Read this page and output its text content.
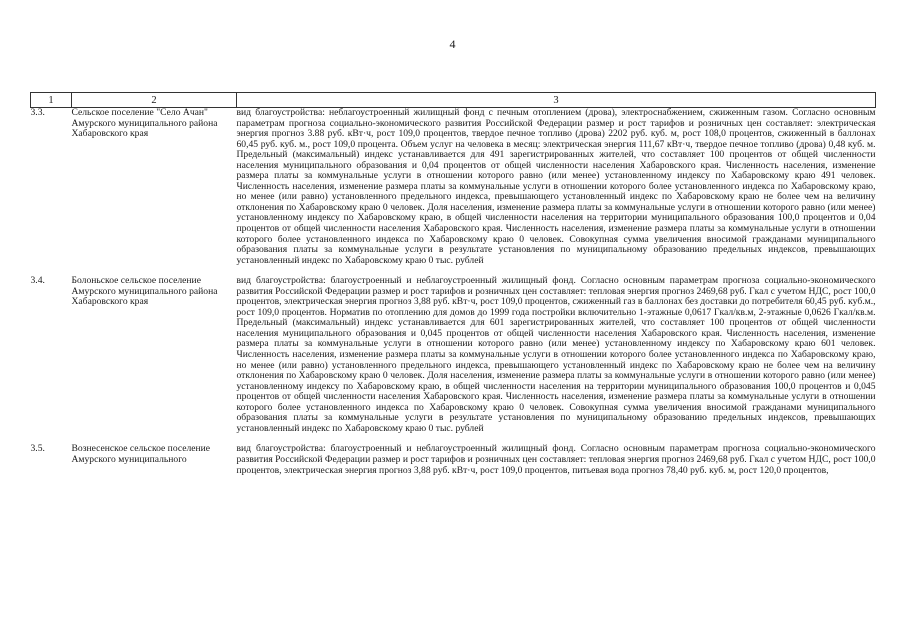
4
1	2	3
3.3.	Сельское поселение "Село Ачан" Амурского муниципального района Хабаровского края	вид благоустройства: неблагоустроенный жилищный фонд с печным отоплением (дрова), электроснабжением, сжиженным газом. Согласно основным параметрам прогноза социально-экономического развития Российской Федерации размер и рост тарифов и розничных цен составляет: электрическая энергия прогноз 3.88 руб. кВт·ч, рост 109,0 процентов, твердое печное топливо (дрова) 2202 руб. куб. м, рост 108,0 процентов, сжиженный в баллонах 60,45 руб. куб. м., рост 109,0 процента. Объем услуг на человека в месяц: электрическая энергия 111,67 кВт·ч, твердое печное топливо (дрова) 0,48 куб. м. Предельный (максимальный) индекс устанавливается для 491 зарегистрированных жителей, что составляет 100 процентов от общей численности населения муниципального образования и 0,04 процентов от общей численности населения Хабаровского края. Численность населения, изменение размера платы за коммунальные услуги в отношении которого равно (или менее) установленному индексу по Хабаровскому краю 491 человек. Численность населения, изменение размера платы за коммунальные услуги в отношении которого более установленного индекса по Хабаровскому краю, но менее (или равно) установленного предельного индекса, превышающего установленный индекс по Хабаровскому краю не более чем на величину отклонения по Хабаровскому краю 0 человек. Доля населения, изменение размера платы за коммунальные услуги в отношении которого равно (или менее) установленному индексу по Хабаровскому краю, в общей численности населения на территории муниципального образования 100,0 процентов и 0,04 процентов от общей численности населения Хабаровского края. Численность населения, изменение размера платы за коммунальные услуги в отношении которого более установленного индекса по Хабаровскому краю 0 человек. Совокупная сумма увеличения вносимой гражданами муниципального образования платы за коммунальные услуги в результате установления по муниципальному образованию предельных индексов, превышающих установленный индекс по Хабаровскому краю 0 тыс. рублей
3.4.	Болоньское сельское поселение Амурского муниципального района Хабаровского края	вид благоустройства: благоустроенный и неблагоустроенный жилищный фонд. Согласно основным параметрам прогноза социально-экономического развития Российской Федерации размер и рост тарифов и розничных цен составляет: тепловая энергия прогноз 2469,68 руб. Гкал с учетом НДС, рост 100,0 процентов, электрическая энергия прогноз 3,88 руб. кВт·ч, рост 109,0 процентов, сжиженный газ в баллонах без доставки до потребителя 60,45 руб. куб.м., рост 109,0 процентов. Норматив по отоплению для домов до 1999 года постройки включительно 1-этажные 0,0617 Гкал/кв.м, 2-этажные 0,0626 Гкал/кв.м. Предельный (максимальный) индекс устанавливается для 601 зарегистрированных жителей, что составляет 100 процентов от общей численности населения муниципального образования и 0,045 процентов от общей численности населения Хабаровского края. Численность населения, изменение размера платы за коммунальные услуги в отношении которого равно (или менее) установленному индексу по Хабаровскому краю 601 человек. Численность населения, изменение размера платы за коммунальные услуги в отношении которого более установленного индекса по Хабаровскому краю, но менее (или равно) установленного предельного индекса, превышающего установленный индекс по Хабаровскому краю не более чем на величину отклонения по Хабаровскому краю 0 человек. Доля населения, изменение размера платы за коммунальные услуги в отношении которого равно (или менее) установленному индексу по Хабаровскому краю, в общей численности населения на территории муниципального образования 100,0 процентов и 0,045 процентов от общей численности населения Хабаровского края. Численность населения, изменение размера платы за коммунальные услуги в отношении которого более установленного индекса по Хабаровскому краю 0 человек. Совокупная сумма увеличения вносимой гражданами муниципального образования платы за коммунальные услуги в результате установления по муниципальному образованию предельных индексов, превышающих установленный индекс по Хабаровскому краю 0 тыс. рублей
3.5.	Вознесенское сельское поселение Амурского муниципального	вид благоустройства: благоустроенный и неблагоустроенный жилищный фонд. Согласно основным параметрам прогноза социально-экономического развития Российской Федерации размер и рост тарифов и розничных цен составляет: тепловая энергия прогноз 2469,68 руб. Гкал с учетом НДС, рост 100,0 процентов, электрическая энергия прогноз 3,88 руб. кВт·ч, рост 109,0 процентов, питьевая вода прогноз 78,40 руб. куб. м, рост 120,0 процентов,
